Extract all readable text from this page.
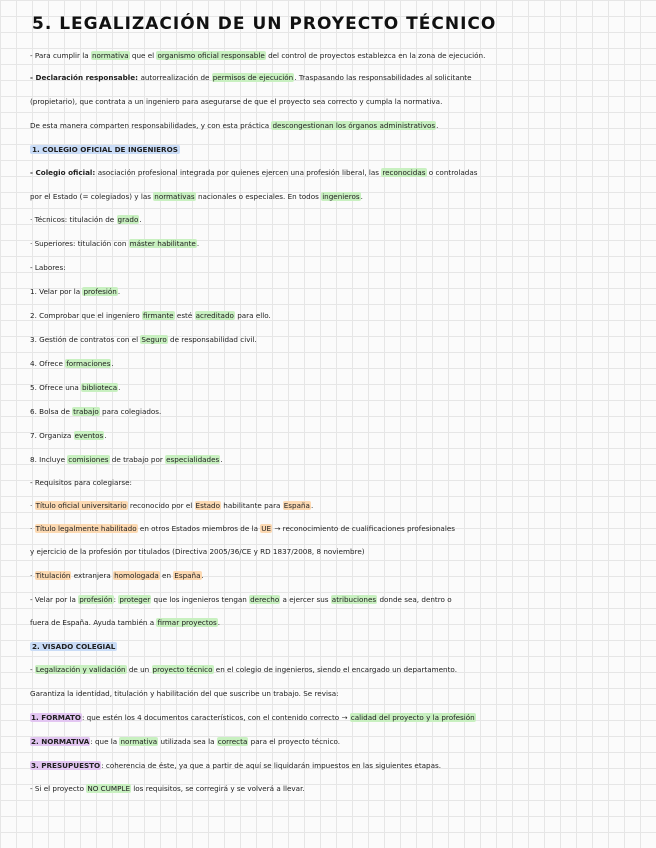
5. LEGALIZACIÓN DE UN PROYECTO TÉCNICO
- Para cumplir la normativa que el organismo oficial responsable del control de proyectos establezca en la zona de ejecución.
- Declaración responsable: autorrealización de permisos de ejecución. Traspasando las responsabilidades al solicitante
(propietario), que contrata a un ingeniero para asegurarse de que el proyecto sea correcto y cumpla la normativa.
De esta manera comparten responsabilidades, y con esta práctica descongestionan los órganos administrativos.
1. COLEGIO OFICIAL DE INGENIEROS
- Colegio oficial: asociación profesional integrada por quienes ejercen una profesión liberal, las reconocidas o controladas
por el Estado (= colegiados) y las normativas nacionales o especiales. En todos ingenieros.
· Técnicos: titulación de grado.
· Superiores: titulación con máster habilitante.
- Labores:
1. Velar por la profesión.
2. Comprobar que el ingeniero firmante esté acreditado para ello.
3. Gestión de contratos con el Seguro de responsabilidad civil.
4. Ofrece formaciones.
5. Ofrece una biblioteca.
6. Bolsa de trabajo para colegiados.
7. Organiza eventos.
8. Incluye comisiones de trabajo por especialidades.
- Requisitos para colegiarse:
· Título oficial universitario reconocido por el Estado habilitante para España.
· Título legalmente habilitado en otros Estados miembros de la UE → reconocimiento de cualificaciones profesionales
y ejercicio de la profesión por titulados (Directiva 2005/36/CE y RD 1837/2008, 8 noviembre)
· Titulación extranjera homologada en España.
- Velar por la profesión: proteger que los ingenieros tengan derecho a ejercer sus atribuciones donde sea, dentro o
fuera de España. Ayuda también a firmar proyectos.
2. VISADO COLEGIAL
- Legalización y validación de un proyecto técnico en el colegio de ingenieros, siendo el encargado un departamento.
Garantiza la identidad, titulación y habilitación del que suscribe un trabajo. Se revisa:
1. FORMATO: que estén los 4 documentos característicos, con el contenido correcto → calidad del proyecto y la profesión
2. NORMATIVA: que la normativa utilizada sea la correcta para el proyecto técnico.
3. PRESUPUESTO: coherencia de éste, ya que a partir de aquí se liquidarán impuestos en las siguientes etapas.
- Si el proyecto NO CUMPLE los requisitos, se corregirá y se volverá a llevar.
